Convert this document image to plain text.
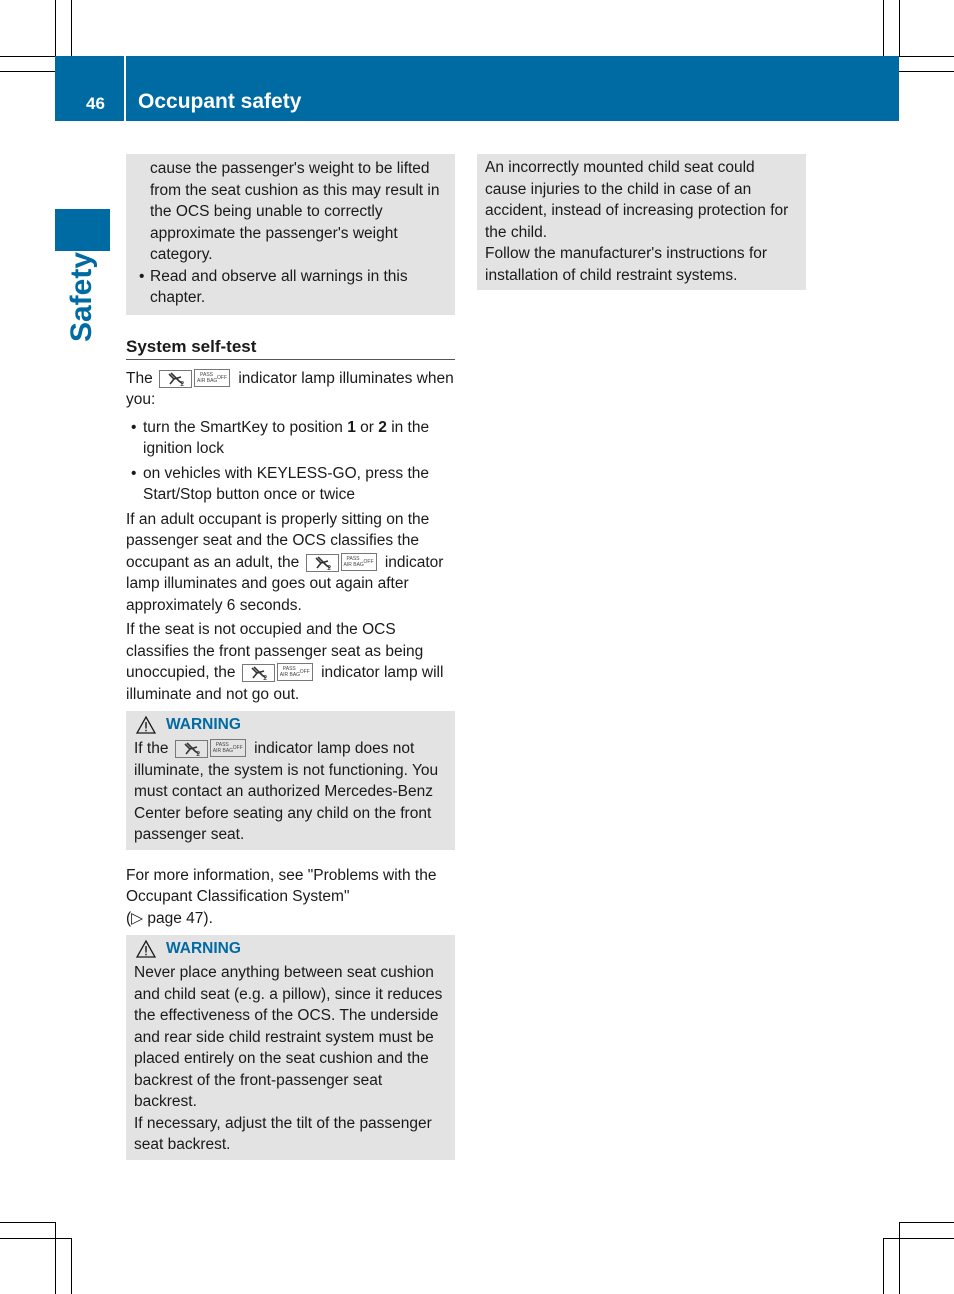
46 Occupant safety
Safety

cause the passenger's weight to be lifted from the seat cushion as this may result in the OCS being unable to correctly approximate the passenger's weight category.

• Read and observe all warnings in this chapter.
System self-test

The	2
PASS
AIR BAG OFF indicator lamp illuminates when you:

• turn the SmartKey to position 1 or 2 in the ignition lock
• on vehicles with KEYLESS-GO, press the Start/Stop button once or twice

If an adult occupant is properly sitting on the passenger seat and the OCS classifies the occupant as an adult, the	2
PASS
AIR BAG OFF indicator lamp illuminates and goes out again after approximately 6 seconds.

If the seat is not occupied and the OCS classifies the front passenger seat as being unoccupied, the	2
PASS
AIR BAG OFF indicator lamp will illuminate and not go out.

WARNING

If the	2
PASS
AIR BAG OFF indicator lamp does not illuminate, the system is not functioning. You must contact an authorized Mercedes-Benz Center before seating any child on the front passenger seat.

For more information, see "Problems with the Occupant Classification System"
(▷ page 47).

WARNING

Never place anything between seat cushion and child seat (e.g. a pillow), since it reduces the effectiveness of the OCS. The underside and rear side child restraint system must be placed entirely on the seat cushion and the backrest of the front-passenger seat backrest.

If necessary, adjust the tilt of the passenger seat backrest.

An incorrectly mounted child seat could cause injuries to the child in case of an accident, instead of increasing protection for the child.

Follow the manufacturer's instructions for installation of child restraint systems.
